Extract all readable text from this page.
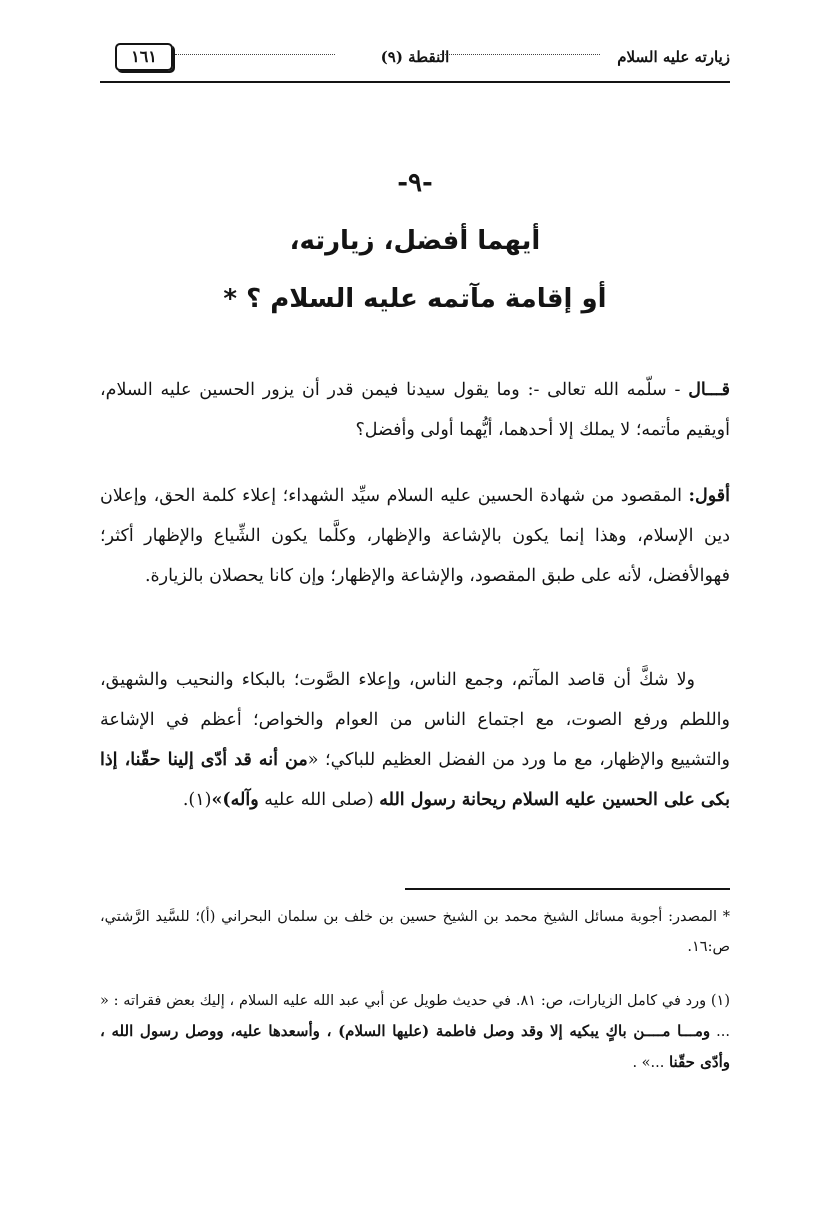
زيارته عليه السلام
النقطة (٩)
١٦١
-٩-
أيهما أفضل، زيارته،
أو إقامة مآتمه عليه السلام ؟ *

قـــال - سلّمه الله تعالى -: وما يقول سيدنا فيمن قدر أن يزور الحسين عليه السلام، أويقيم مأتمه؛ لا يملك إلا أحدهما، أيُّهما أولى وأفضل؟

أقول: المقصود من شهادة الحسين عليه السلام سيِّد الشهداء؛ إعلاء كلمة الحق، وإعلان دين الإسلام، وهذا إنما يكون بالإشاعة والإظهار، وكلَّما يكون الشِّياع والإظهار أكثر؛ فهوالأفضل، لأنه على طبق المقصود، والإشاعة والإظهار؛ وإن كانا يحصلان بالزيارة.

ولا شكَّ أن قاصد المآتم، وجمع الناس، وإعلاء الصَّوت؛ بالبكاء والنحيب والشهيق، واللطم ورفع الصوت، مع اجتماع الناس من العوام والخواص؛ أعظم في الإشاعة والتشييع والإظهار، مع ما ورد من الفضل العظيم للباكي؛ «من أنه قد أدّى إلينا حقّنا، إذا بكى على الحسين عليه السلام ريحانة رسول الله (صلى الله عليه وآله)»(١).

* المصدر: أجوبة مسائل الشيخ محمد بن الشيخ حسين بن خلف بن سلمان البحراني (أ)؛ للسَّيد الرَّشتي، ص:١٦.

(١) ورد في كامل الزيارات، ص: ٨١. في حديث طويل عن أبي عبد الله عليه السلام ، إليك بعض فقراته : « ... ومـــا مــــن باكٍ يبكيه إلا وقد وصل فاطمة (عليها السلام) ، وأسعدها عليه، ووصل رسول الله ، وأدّى حقّنا ...» .
